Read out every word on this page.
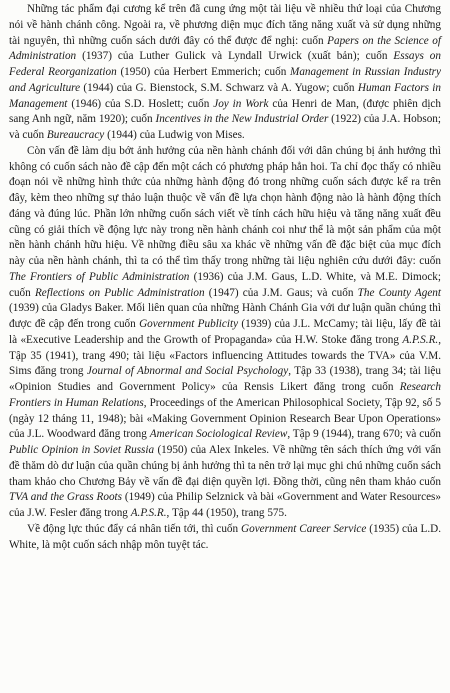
Những tác phẩm đại cương kể trên đã cung ứng một tài liệu về nhiều thứ loại của Chương nói về hành chánh công. Ngoài ra, về phương diện mục đích tăng năng xuất và sử dụng những tài nguyên, thì những cuốn sách dưới đây có thể được để nghị: cuốn Papers on the Science of Administration (1937) của Luther Gulick và Lyndall Urwick (xuất bản); cuốn Essays on Federal Reorganization (1950) của Herbert Emmerich; cuốn Management in Russian Industry and Agriculture (1944) của G. Bienstock, S.M. Schwarz và A. Yugow; cuốn Human Factors in Management (1946) của S.D. Hoslett; cuốn Joy in Work của Henri de Man, (được phiên dịch sang Anh ngữ, năm 1920); cuốn Incentives in the New Industrial Order (1922) của J.A. Hobson; và cuốn Bureaucracy (1944) của Ludwig von Mises.

Còn vấn đề làm dịu bớt ảnh hưởng của nền hành chánh đối với dân chúng bị ảnh hưởng thì không có cuốn sách nào đề cập đến một cách có phương pháp hẳn hoi. Ta chỉ đọc thấy có nhiều đoạn nói về những hình thức của những hành động đó trong những cuốn sách được kể ra trên đây, kèm theo những sự thảo luận thuộc về vấn đề lựa chọn hành động nào là hành động thích đáng và đúng lúc. Phần lớn những cuốn sách viết về tính cách hữu hiệu và tăng năng xuất đều cũng có giải thích về động lực này trong nền hành chánh coi như thể là một sản phẩm của một nền hành chánh hữu hiệu. Về những điều sâu xa khác về những vấn đề đặc biệt của mục đích này của nền hành chánh, thì ta có thể tìm thấy trong những tài liệu nghiên cứu dưới đây: cuốn The Frontiers of Public Administration (1936) của J.M. Gaus, L.D. White, và M.E. Dimock; cuốn Reflections on Public Administration (1947) của J.M. Gaus; và cuốn The County Agent (1939) của Gladys Baker. Mối liên quan của những Hành Chánh Gia với dư luận quần chúng thì được đề cập đến trong cuốn Government Publicity (1939) của J.L. McCamy; tài liệu, lấy đề tài là «Executive Leadership and the Growth of Propaganda» của H.W. Stoke đăng trong A.P.S.R., Tập 35 (1941), trang 490; tài liệu «Factors influencing Attitudes towards the TVA» của V.M. Sims đăng trong Journal of Abnormal and Social Psychology, Tập 33 (1938), trang 34; tài liệu «Opinion Studies and Government Policy» của Rensis Likert đăng trong cuốn Research Frontiers in Human Relations, Proceedings of the American Philosophical Society, Tập 92, số 5 (ngày 12 tháng 11, 1948); bài «Making Government Opinion Research Bear Upon Operations» của J.L. Woodward đăng trong American Sociological Review, Tập 9 (1944), trang 670; và cuốn Public Opinion in Soviet Russia (1950) của Alex Inkeles. Về những tên sách thích ứng với vấn đề thăm dò dư luận của quần chúng bị ảnh hưởng thì ta nên trở lại mục ghi chú những cuốn sách tham khảo cho Chương Bảy về vấn đề đại diện quyền lợi. Đồng thời, cũng nên tham khảo cuốn TVA and the Grass Roots (1949) của Philip Selznick và bài «Government and Water Resources» của J.W. Fesler đăng trong A.P.S.R., Tập 44 (1950), trang 575.

Về động lực thúc đẩy cá nhân tiến tới, thì cuốn Government Career Service (1935) của L.D. White, là một cuốn sách nhập môn tuyệt tác.
